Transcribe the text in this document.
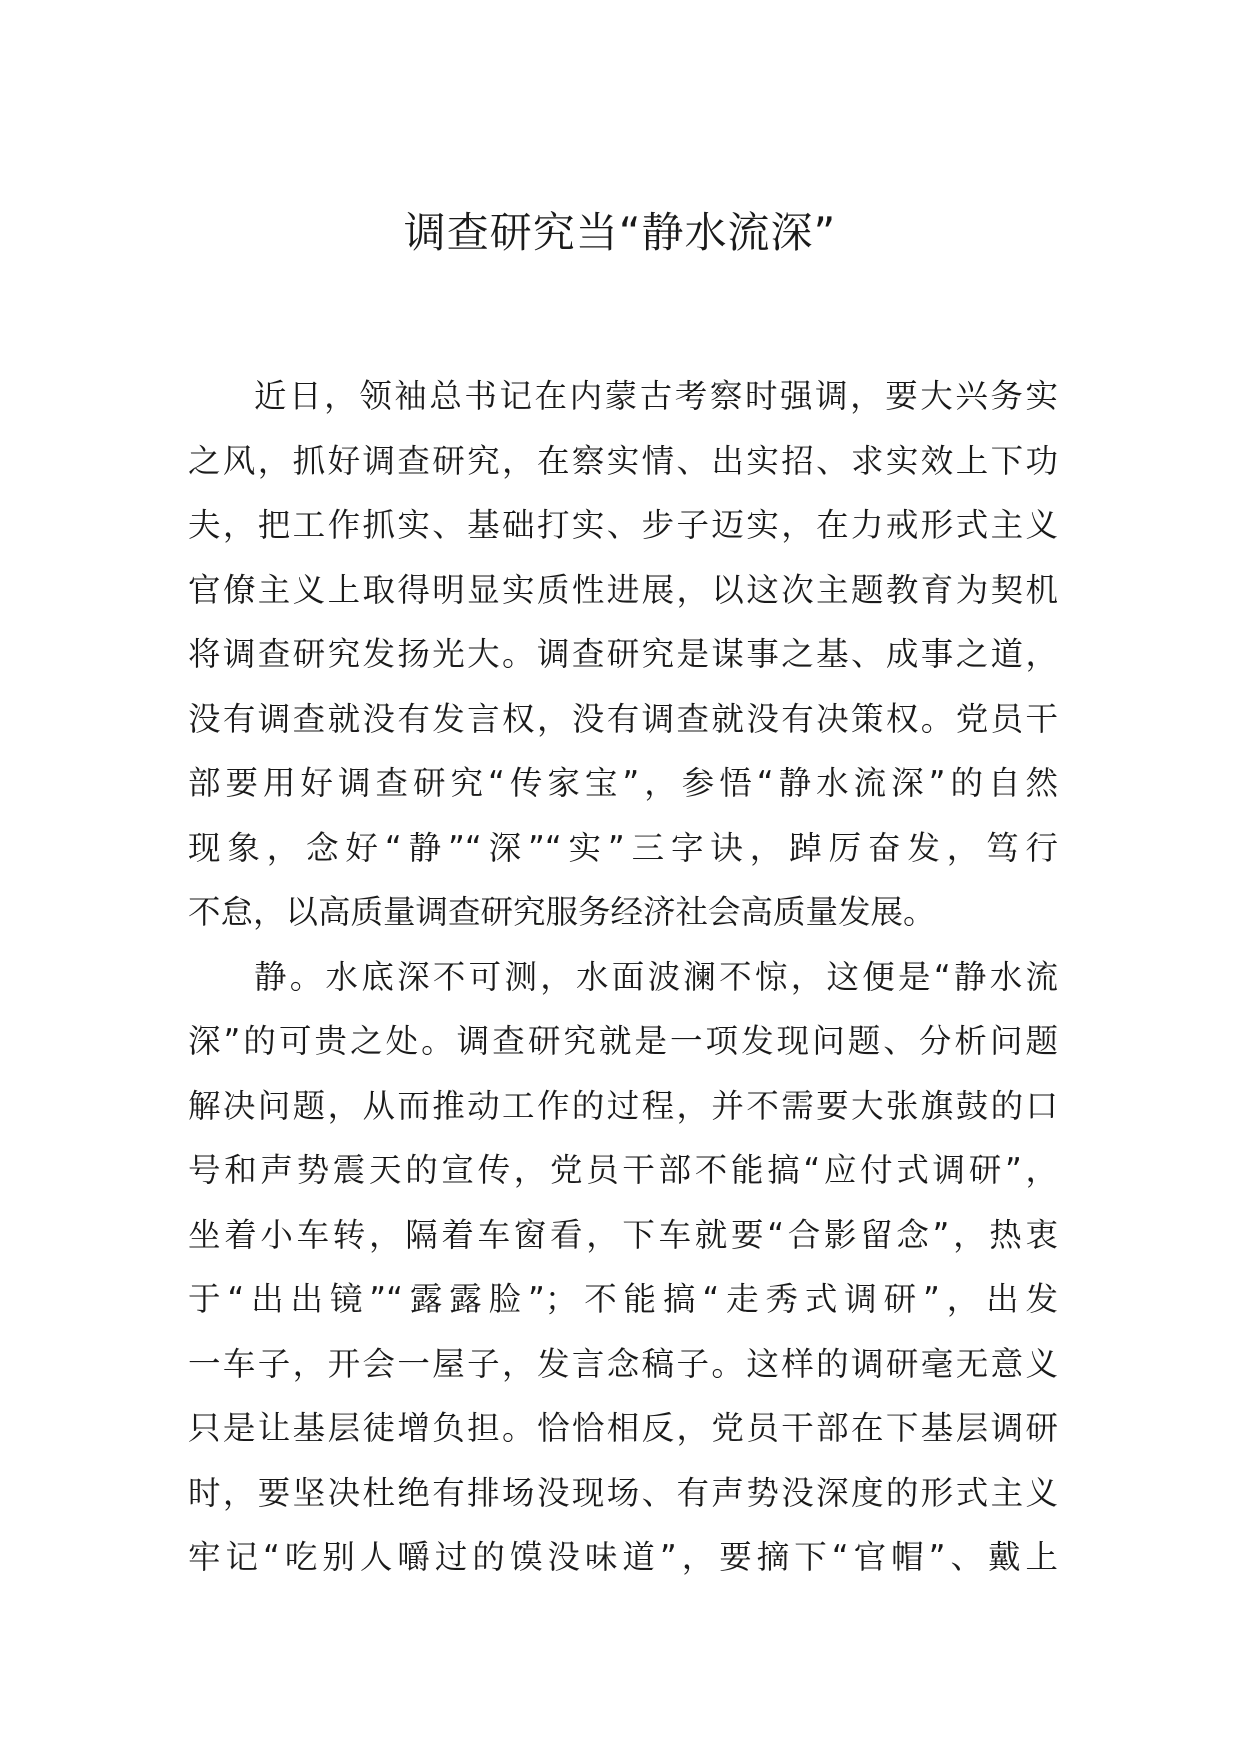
调查研究当“静水流深”
近日，领袖总书记在内蒙古考察时强调，要大兴务实
之风，抓好调查研究，在察实情、出实招、求实效上下功
夫，把工作抓实、基础打实、步子迈实，在力戒形式主义
官僚主义上取得明显实质性进展，以这次主题教育为契机
将调查研究发扬光大。调查研究是谋事之基、成事之道，
没有调查就没有发言权，没有调查就没有决策权。党员干
部要用好调查研究“传家宝”，参悟“静水流深”的自然
现象，念好“静”“深”“实”三字诀，踔厉奋发，笃行
不怠，以高质量调查研究服务经济社会高质量发展。
静。水底深不可测，水面波澜不惊，这便是“静水流
深”的可贵之处。调查研究就是一项发现问题、分析问题
解决问题，从而推动工作的过程，并不需要大张旗鼓的口
号和声势震天的宣传，党员干部不能搞“应付式调研”，
坐着小车转，隔着车窗看，下车就要“合影留念”，热衷
于“出出镜”“露露脸”；不能搞“走秀式调研”，出发
一车子，开会一屋子，发言念稿子。这样的调研毫无意义
只是让基层徒增负担。恰恰相反，党员干部在下基层调研
时，要坚决杜绝有排场没现场、有声势没深度的形式主义
牢记“吃别人嚼过的馍没味道”，要摘下“官帽”、戴上
